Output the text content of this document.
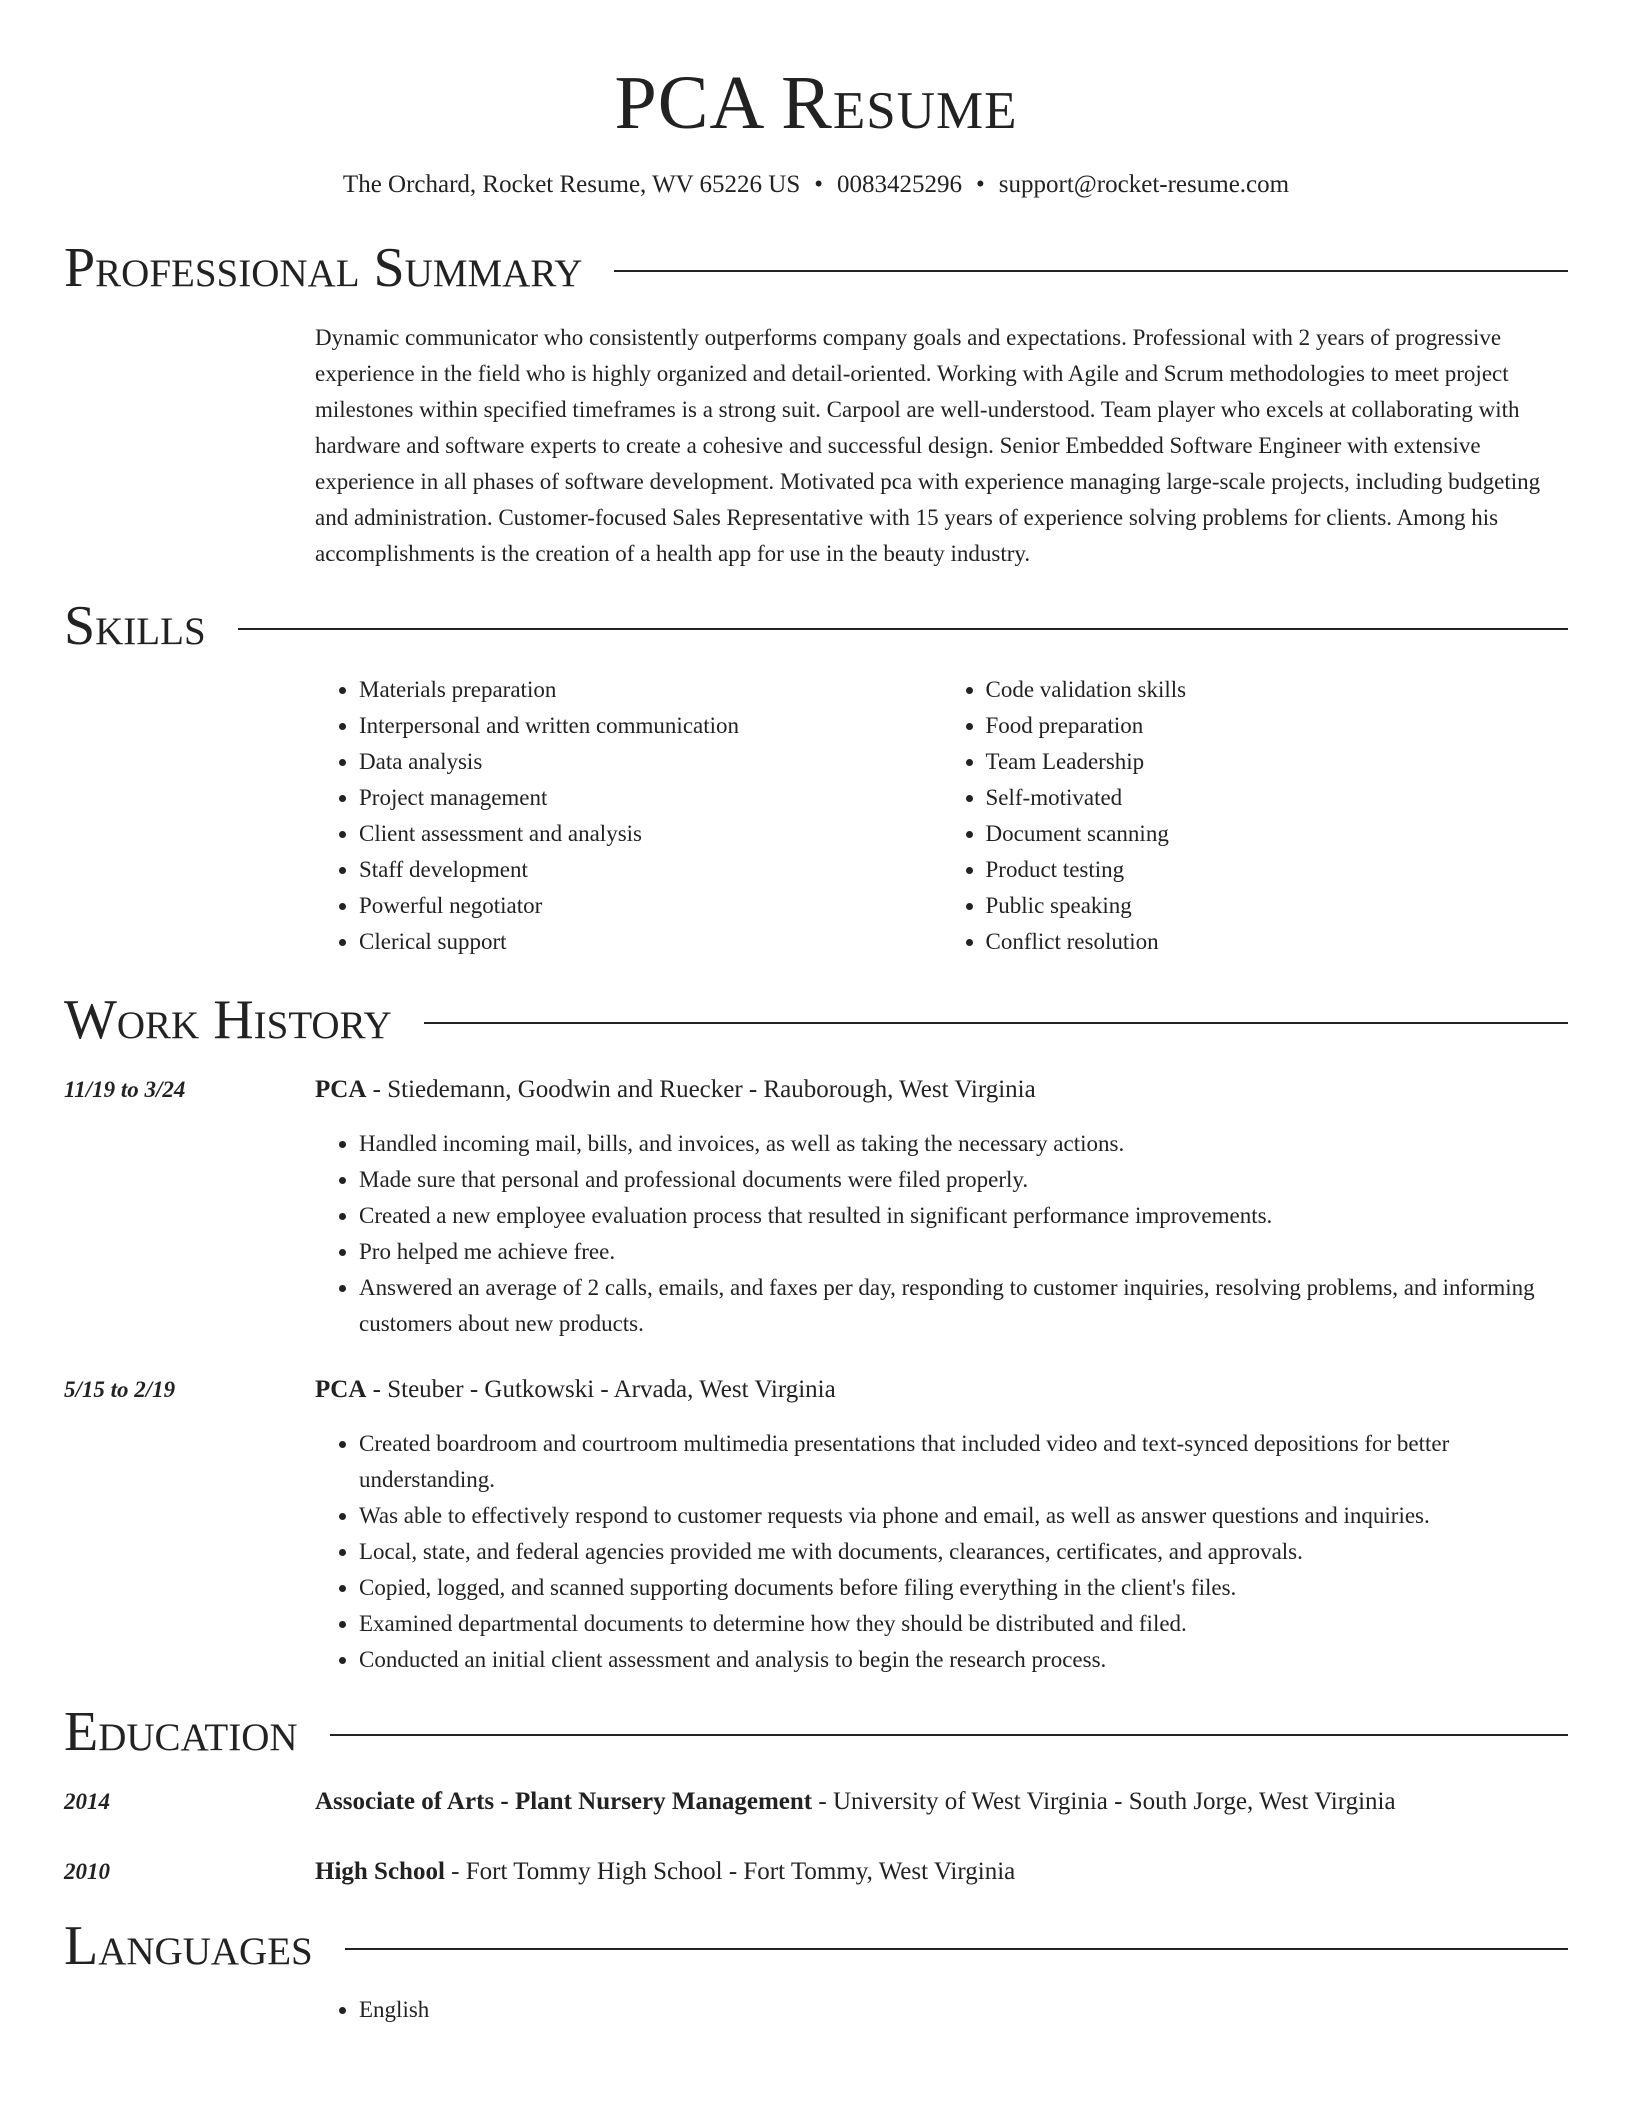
PCA Resume
The Orchard, Rocket Resume, WV 65226 US • 0083425296 • support@rocket-resume.com
Professional Summary

Dynamic communicator who consistently outperforms company goals and expectations. Professional with 2 years of progressive experience in the field who is highly organized and detail-oriented. Working with Agile and Scrum methodologies to meet project milestones within specified timeframes is a strong suit. Carpool are well-understood. Team player who excels at collaborating with hardware and software experts to create a cohesive and successful design. Senior Embedded Software Engineer with extensive experience in all phases of software development. Motivated pca with experience managing large-scale projects, including budgeting and administration. Customer-focused Sales Representative with 15 years of experience solving problems for clients. Among his accomplishments is the creation of a health app for use in the beauty industry.

Skills
• Materials preparation
• Interpersonal and written communication
• Data analysis
• Project management
• Client assessment and analysis
• Staff development
• Powerful negotiator
• Clerical support
• Code validation skills
• Food preparation
• Team Leadership
• Self-motivated
• Document scanning
• Product testing
• Public speaking
• Conflict resolution
Work History
11/19 to 3/24	PCA - Stiedemann, Goodwin and Ruecker - Rauborough, West Virginia
• Handled incoming mail, bills, and invoices, as well as taking the necessary actions.
• Made sure that personal and professional documents were filed properly.
• Created a new employee evaluation process that resulted in significant performance improvements.
• Pro helped me achieve free.
• Answered an average of 2 calls, emails, and faxes per day, responding to customer inquiries, resolving problems, and informing customers about new products.
5/15 to 2/19	PCA - Steuber - Gutkowski - Arvada, West Virginia
• Created boardroom and courtroom multimedia presentations that included video and text-synced depositions for better understanding.
• Was able to effectively respond to customer requests via phone and email, as well as answer questions and inquiries.
• Local, state, and federal agencies provided me with documents, clearances, certificates, and approvals.
• Copied, logged, and scanned supporting documents before filing everything in the client's files.
• Examined departmental documents to determine how they should be distributed and filed.
• Conducted an initial client assessment and analysis to begin the research process.
Education
2014	Associate of Arts - Plant Nursery Management - University of West Virginia - South Jorge, West Virginia
2010	High School - Fort Tommy High School - Fort Tommy, West Virginia
Languages
• English
